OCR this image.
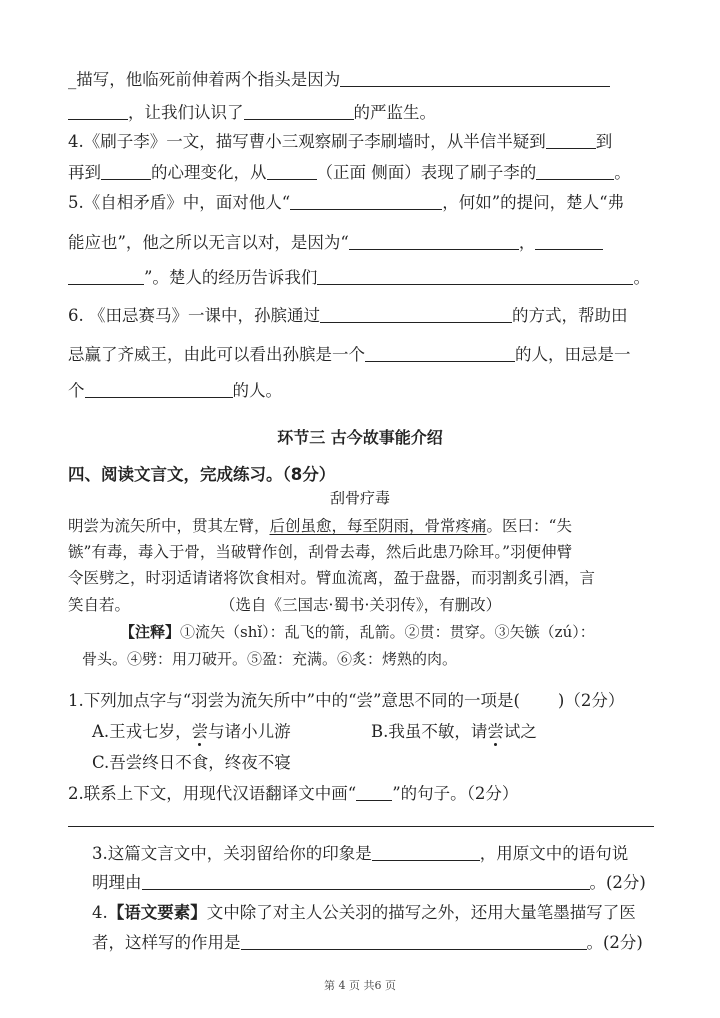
_描写，他临死前伸着两个指头是因为
，让我们认识了	的严监生。
4.《刷子李》一文，描写曹小三观察刷子李刷墙时，从半信半疑到	到
再到	的心理变化，从	（正面 侧面）表现了刷子李的	。
5.《自相矛盾》中，面对他人“	，何如”的提问，楚人“弗
能应也”，他之所以无言以对，是因为“	，
”。楚人的经历告诉我们	。
6. 《田忌赛马》一课中，孙膑通过	的方式，帮助田
忌赢了齐威王，由此可以看出孙膑是一个	的人，田忌是一
个	的人。
环节三 古今故事能介绍
四、阅读文言文，完成练习。（8分）
刮骨疗毒
明尝为流矢所中，贯其左臂，后创虽愈，每至阴雨，骨常疼痛。医曰：“失
镞”有毒，毒入于骨，当破臂作创，刮骨去毒，然后此患乃除耳。”羽便伸臂
令医劈之，时羽适请诸将饮食相对。臂血流离，盈于盘器，而羽割炙引酒，言
笑自若。	（选自《三国志·蜀书·关羽传》，有删改）
【注释】①流矢（shǐ）：乱飞的箭，乱箭。②贯：贯穿。③矢镞（zú）：
骨头。④劈：用刀破开。⑤盈：充满。⑥炙：烤熟的肉。
1.下列加点字与“羽尝为流矢所中”中的“尝”意思不同的一项是( )（2分）
A.王戎七岁，尝与诸小儿游	B.我虽不敏，请尝试之
C.吾尝终日不食，终夜不寝
2.联系上下文，用现代汉语翻译文中画“ ”的句子。（2分）
3.这篇文言文中，关羽留给你的印象是	，用原文中的语句说
明理由	。(2分)
4.【语文要素】文中除了对主人公关羽的描写之外，还用大量笔墨描写了医
者，这样写的作用是	。(2分)
第 4 页 共6 页
